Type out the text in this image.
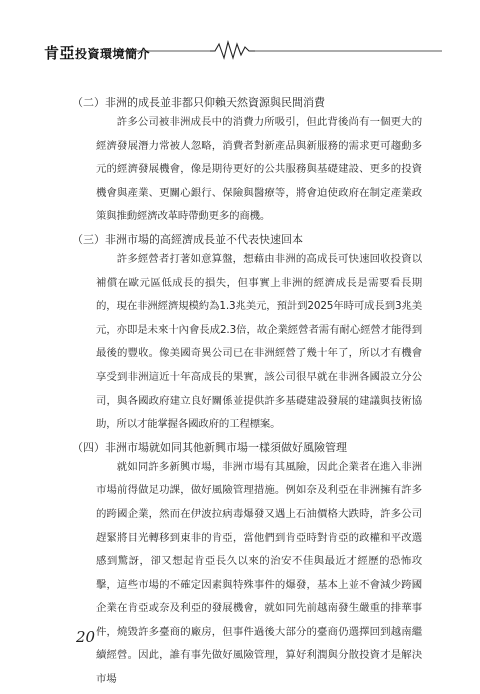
肯亞投資環境簡介

（二）非洲的成長並非都只仰賴天然資源與民間消費

許多公司被非洲成長中的消費力所吸引，但此背後尚有一個更大的經濟發展潛力常被人忽略，消費者對新產品與新服務的需求更可趨動多元的經濟發展機會，像是期待更好的公共服務與基礎建設、更多的投資機會與產業、更關心銀行、保險與醫療等，將會迫使政府在制定產業政策與推動經濟改革時帶動更多的商機。

（三）非洲市場的高經濟成長並不代表快速回本

許多經營者打著如意算盤，想藉由非洲的高成長可快速回收投資以補償在歐元區低成長的損失，但事實上非洲的經濟成長是需要看長期的，現在非洲經濟規模約為1.3兆美元，預計到2025年時可成長到3兆美元，亦即是未來十內會長成2.3倍，故企業經營者需有耐心經營才能得到最後的豐收。像美國奇異公司已在非洲經營了幾十年了，所以才有機會享受到非洲這近十年高成長的果實，該公司很早就在非洲各國設立分公司，與各國政府建立良好關係並提供許多基礎建設發展的建議與技術協助，所以才能掌握各國政府的工程標案。

（四）非洲市場就如同其他新興市場一樣須做好風險管理

就如同許多新興市場，非洲市場有其風險，因此企業者在進入非洲市場前得做足功課，做好風險管理措施。例如奈及利亞在非洲擁有許多的跨國企業，然而在伊波拉病毒爆發又遇上石油價格大跌時，許多公司趕緊將目光轉移到東非的肯亞，當他們到肯亞時對肯亞的政權和平改選感到驚訝，卻又想起肯亞長久以來的治安不佳與最近才經歷的恐怖攻擊，這些市場的不確定因素與特殊事件的爆發，基本上並不會減少跨國企業在肯亞或奈及利亞的發展機會，就如同先前越南發生嚴重的排華事件，燒毀許多臺商的廠房，但事件過後大部分的臺商仍選擇回到越南繼續經營。因此，誰有事先做好風險管理，算好利潤與分散投資才是解決市場

20
